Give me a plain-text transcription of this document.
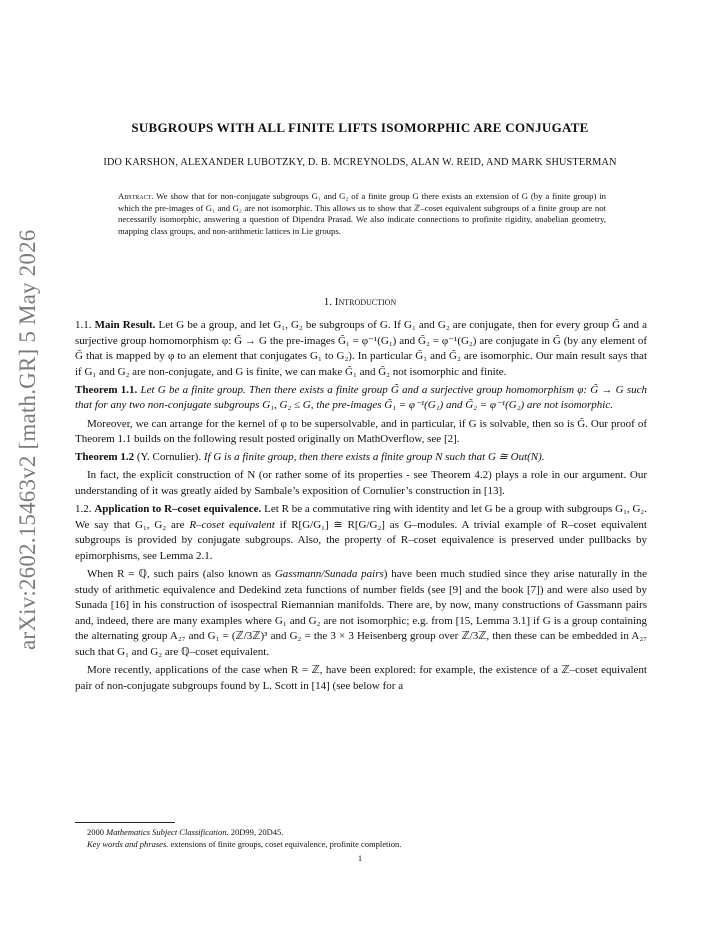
arXiv:2602.15463v2 [math.GR] 5 May 2026
SUBGROUPS WITH ALL FINITE LIFTS ISOMORPHIC ARE CONJUGATE
IDO KARSHON, ALEXANDER LUBOTZKY, D. B. MCREYNOLDS, ALAN W. REID, AND MARK SHUSTERMAN
Abstract. We show that for non-conjugate subgroups G₁ and G₂ of a finite group G there exists an extension of G (by a finite group) in which the pre-images of G₁ and G₂ are not isomorphic. This allows us to show that ℤ–coset equivalent subgroups of a finite group are not necessarily isomorphic, answering a question of Dipendra Prasad. We also indicate connections to profinite rigidity, anabelian geometry, mapping class groups, and non-arithmetic lattices in Lie groups.
1. Introduction

1.1. Main Result. Let G be a group, and let G₁, G₂ be subgroups of G. If G₁ and G₂ are conjugate, then for every group G̃ and a surjective group homomorphism φ: G̃ → G the pre-images G̃₁ = φ⁻¹(G₁) and G̃₂ = φ⁻¹(G₂) are conjugate in G̃ (by any element of G̃ that is mapped by φ to an element that conjugates G₁ to G₂). In particular G̃₁ and G̃₂ are isomorphic. Our main result says that if G₁ and G₂ are non-conjugate, and G is finite, we can make G̃₁ and G̃₂ not isomorphic and finite.

Theorem 1.1. Let G be a finite group. Then there exists a finite group G̃ and a surjective group homomorphism φ: G̃ → G such that for any two non-conjugate subgroups G₁, G₂ ≤ G, the pre-images G̃₁ = φ⁻¹(G₁) and G̃₂ = φ⁻¹(G₂) are not isomorphic.

Moreover, we can arrange for the kernel of φ to be supersolvable, and in particular, if G is solvable, then so is G̃. Our proof of Theorem 1.1 builds on the following result posted originally on MathOverflow, see [2].

Theorem 1.2 (Y. Cornulier). If G is a finite group, then there exists a finite group N such that G ≅ Out(N).

In fact, the explicit construction of N (or rather some of its properties - see Theorem 4.2) plays a role in our argument. Our understanding of it was greatly aided by Sambale’s exposition of Cornulier’s construction in [13].

1.2. Application to R–coset equivalence. Let R be a commutative ring with identity and let G be a group with subgroups G₁, G₂. We say that G₁, G₂ are R–coset equivalent if R[G/G₁] ≅ R[G/G₂] as G–modules. A trivial example of R–coset equivalent subgroups is provided by conjugate subgroups. Also, the property of R–coset equivalence is preserved under pullbacks by epimorphisms, see Lemma 2.1.

When R = ℚ, such pairs (also known as Gassmann/Sunada pairs) have been much studied since they arise naturally in the study of arithmetic equivalence and Dedekind zeta functions of number fields (see [9] and the book [7]) and were also used by Sunada [16] in his construction of isospectral Riemannian manifolds. There are, by now, many constructions of Gassmann pairs and, indeed, there are many examples where G₁ and G₂ are not isomorphic; e.g. from [15, Lemma 3.1] if G is a group containing the alternating group A₂₇ and G₁ = (ℤ/3ℤ)³ and G₂ = the 3 × 3 Heisenberg group over ℤ/3ℤ, then these can be embedded in A₂₇ such that G₁ and G₂ are ℚ–coset equivalent.

More recently, applications of the case when R = ℤ, have been explored: for example, the existence of a ℤ–coset equivalent pair of non-conjugate subgroups found by L. Scott in [14] (see below for a

2000 Mathematics Subject Classification. 20D99, 20D45.
Key words and phrases. extensions of finite groups, coset equivalence, profinite completion.
1
